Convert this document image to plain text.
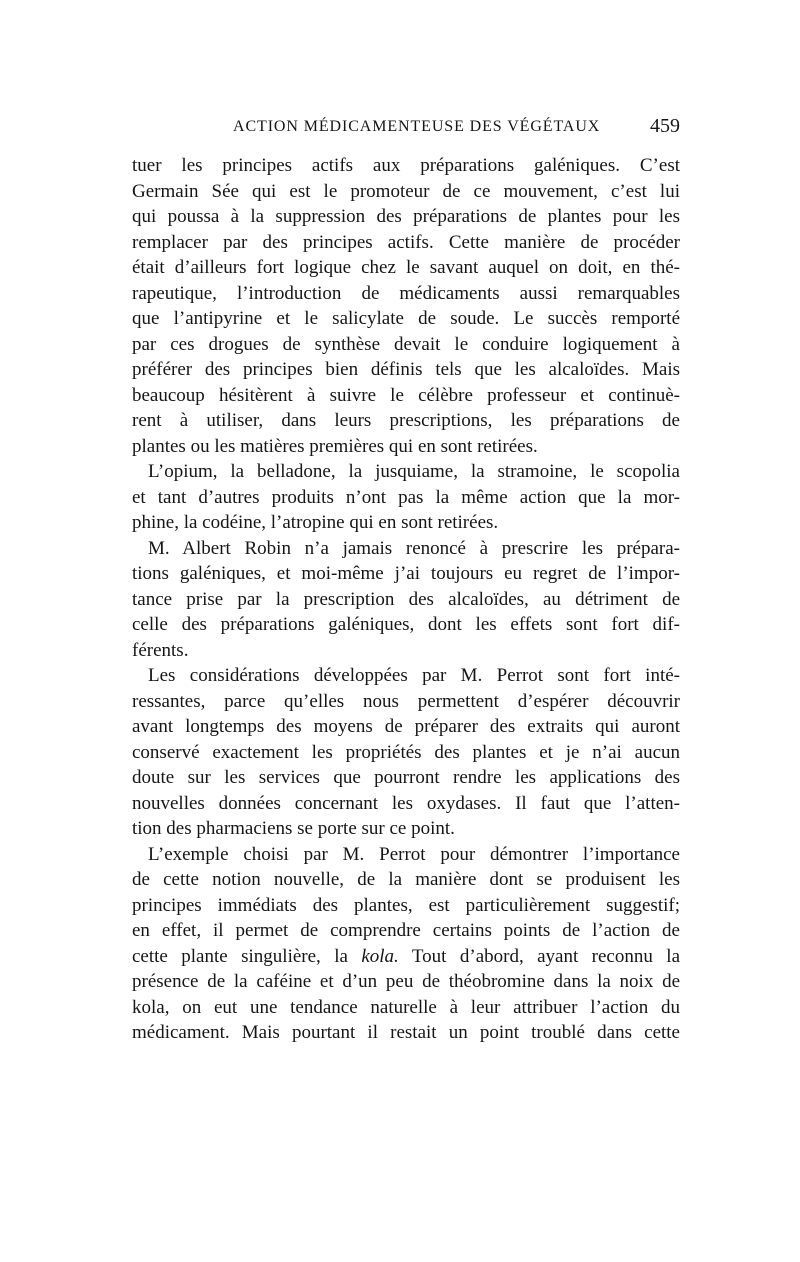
ACTION MÉDICAMENTEUSE DES VÉGÉTAUX 459
tuer les principes actifs aux préparations galéniques. C’est
Germain Sée qui est le promoteur de ce mouvement, c’est lui
qui poussa à la suppression des préparations de plantes pour les
remplacer par des principes actifs. Cette manière de procéder
était d’ailleurs fort logique chez le savant auquel on doit, en thé-
rapeutique, l’introduction de médicaments aussi remarquables
que l’antipyrine et le salicylate de soude. Le succès remporté
par ces drogues de synthèse devait le conduire logiquement à
préférer des principes bien définis tels que les alcaloïdes. Mais
beaucoup hésitèrent à suivre le célèbre professeur et continuè-
rent à utiliser, dans leurs prescriptions, les préparations de
plantes ou les matières premières qui en sont retirées.
L’opium, la belladone, la jusquiame, la stramoine, le scopolia
et tant d’autres produits n’ont pas la même action que la mor-
phine, la codéine, l’atropine qui en sont retirées.
M. Albert Robin n’a jamais renoncé à prescrire les prépara-
tions galéniques, et moi-même j’ai toujours eu regret de l’impor-
tance prise par la prescription des alcaloïdes, au détriment de
celle des préparations galéniques, dont les effets sont fort dif-
férents.
Les considérations développées par M. Perrot sont fort inté-
ressantes, parce qu’elles nous permettent d’espérer découvrir
avant longtemps des moyens de préparer des extraits qui auront
conservé exactement les propriétés des plantes et je n’ai aucun
doute sur les services que pourront rendre les applications des
nouvelles données concernant les oxydases. Il faut que l’atten-
tion des pharmaciens se porte sur ce point.
L’exemple choisi par M. Perrot pour démontrer l’importance
de cette notion nouvelle, de la manière dont se produisent les
principes immédiats des plantes, est particulièrement suggestif;
en effet, il permet de comprendre certains points de l’action de
cette plante singulière, la kola. Tout d’abord, ayant reconnu la
présence de la caféine et d’un peu de théobromine dans la noix de
kola, on eut une tendance naturelle à leur attribuer l’action du
médicament. Mais pourtant il restait un point troublé dans cette
